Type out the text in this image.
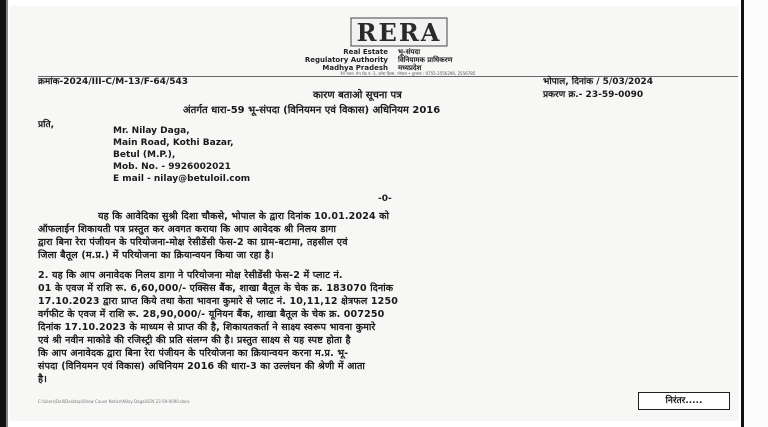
RERA
Real Estate
Regulatory Authority
Madhya Pradesh
भू-संपदा
विनियामक प्राधिकरण
मध्यप्रदेश
रेरा भवन, मेन रोड नं.-1, अरेरा हिल्स, भोपाल • दूरभाष : 0755-2556296, 2556785
क्रमांक-2024/III-C/M-13/F-64/543	भोपाल, दिनांक / 5/03/2024
कारण बताओ सूचना पत्र	प्रकरण क्र.- 23-59-0090
अंतर्गत धारा-59 भू-संपदा (विनियमन एवं विकास) अधिनियम 2016
प्रति,
Mr. Nilay Daga,
Main Road, Kothi Bazar,
Betul (M.P.),
Mob. No. - 9926002021
E mail - nilay@betuloil.com
-0-
यह कि आवेदिका सुश्री दिशा चौकसे, भोपाल के द्वारा दिनांक 10.01.2024 को
ऑफलाईन शिकायती पत्र प्रस्तुत कर अवगत कराया कि आप आवेदक श्री निलय डागा
द्वारा बिना रेरा पंजीयन के परियोजना-मोक्ष रेसीडेंसी फेस-2 का ग्राम-बटामा, तहसील एवं
जिला बैतूल (म.प्र.) में परियोजना का क्रियान्वयन किया जा रहा है।
2. यह कि आप अनावेदक निलय डागा ने परियोजना मोक्ष रेसीडेंसी फेस-2 में प्लाट नं.
01 के एवज में राशि रू. 6,60,000/- एक्सिस बैंक, शाखा बैतूल के चेक क्र. 183070 दिनांक
17.10.2023 द्वारा प्राप्त किये तथा केता भावना कुमारे से प्लाट नं. 10,11,12 क्षेत्रफल 1250
वर्गफीट के एवज में राशि रू. 28,90,000/- यूनियन बैंक, शाखा बैतूल के चेक क्र. 007250
दिनांक 17.10.2023 के माध्यम से प्राप्त की है, शिकायतकर्ता ने साक्ष्य स्वरूप भावना कुमारे
एवं श्री नवीन माकोडे की रजिस्ट्री की प्रति संलग्न की है। प्रस्तुत साक्ष्य से यह स्पष्ट होता है
कि आप अनावेदक द्वारा बिना रेरा पंजीयन के परियोजना का क्रियान्वयन करना म.प्र. भू-
संपदा (विनियमन एवं विकास) अधिनियम 2016 की धारा-3 का उल्लंघन की श्रेणी में आता
है।
C:\Users\Dell\Desktop\Show Cause Notice\Nilay Daga\SCN 23-59-0090.docx	निरंतर.....
